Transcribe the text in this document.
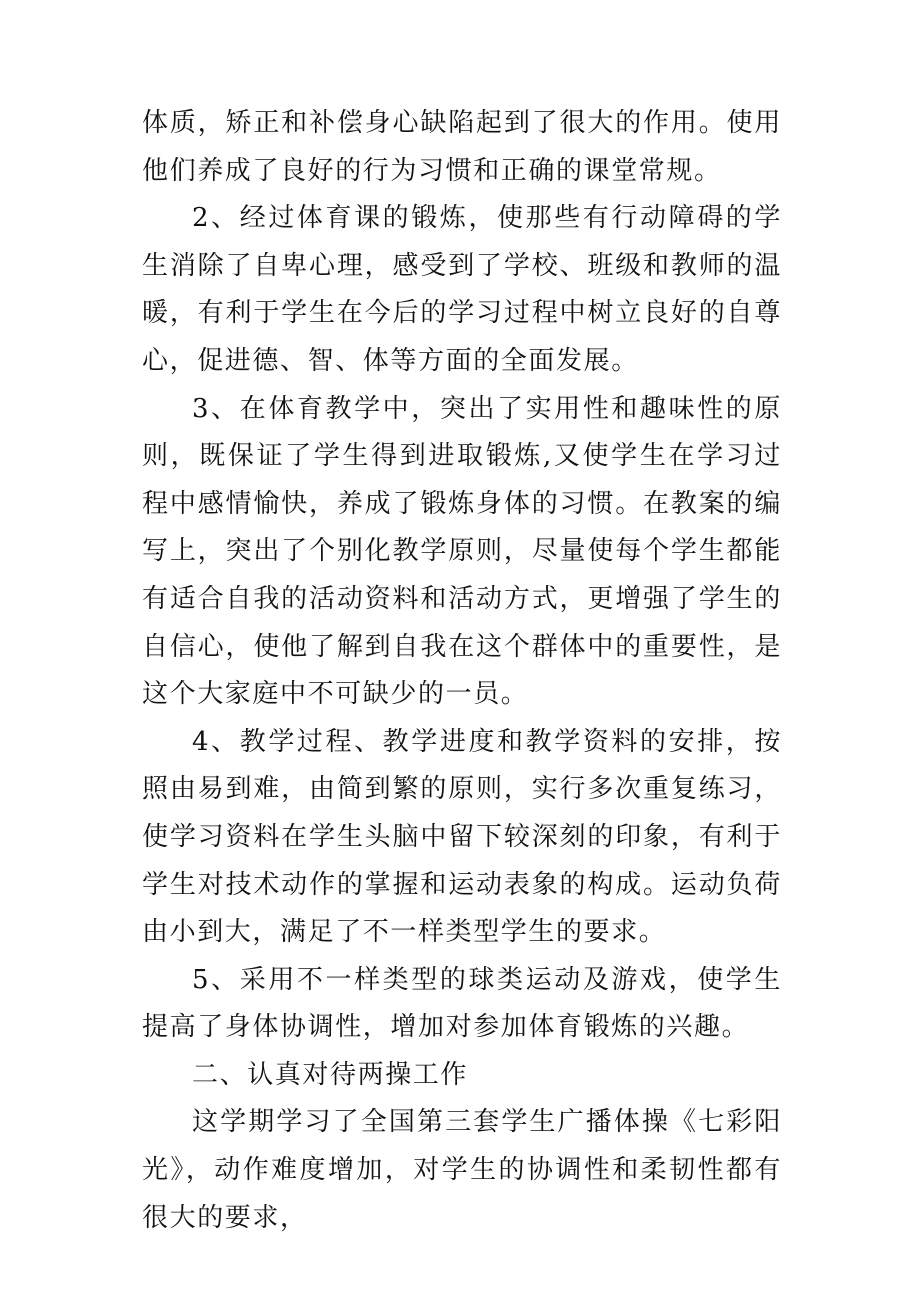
体质，矫正和补偿身心缺陷起到了很大的作用。使用他们养成了良好的行为习惯和正确的课堂常规。

2、经过体育课的锻炼，使那些有行动障碍的学生消除了自卑心理，感受到了学校、班级和教师的温暖，有利于学生在今后的学习过程中树立良好的自尊心，促进德、智、体等方面的全面发展。

3、在体育教学中，突出了实用性和趣味性的原则，既保证了学生得到进取锻炼,又使学生在学习过程中感情愉快，养成了锻炼身体的习惯。在教案的编写上，突出了个别化教学原则，尽量使每个学生都能有适合自我的活动资料和活动方式，更增强了学生的自信心，使他了解到自我在这个群体中的重要性，是这个大家庭中不可缺少的一员。

4、教学过程、教学进度和教学资料的安排，按照由易到难，由简到繁的原则，实行多次重复练习，使学习资料在学生头脑中留下较深刻的印象，有利于学生对技术动作的掌握和运动表象的构成。运动负荷由小到大，满足了不一样类型学生的要求。

5、采用不一样类型的球类运动及游戏，使学生提高了身体协调性，增加对参加体育锻炼的兴趣。

二、认真对待两操工作

这学期学习了全国第三套学生广播体操《七彩阳光》，动作难度增加，对学生的协调性和柔韧性都有很大的要求，
